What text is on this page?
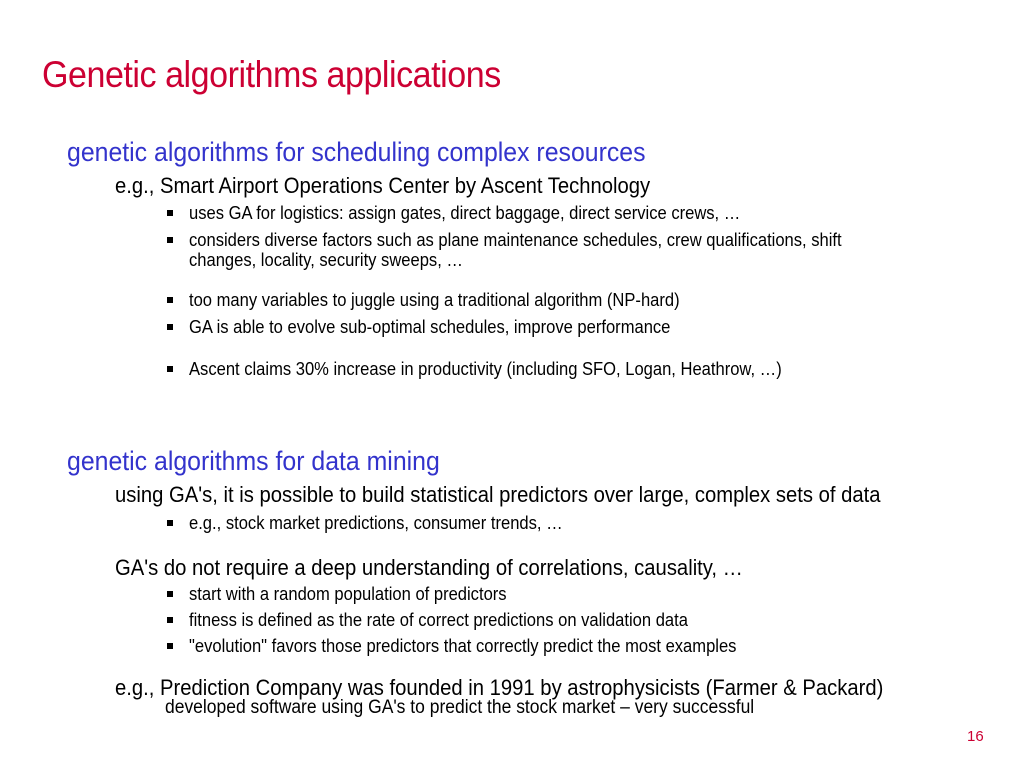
Genetic algorithms applications
genetic algorithms for scheduling complex resources
e.g., Smart Airport Operations Center by Ascent Technology
uses GA for logistics: assign gates, direct baggage, direct service crews, …
considers diverse factors such as plane maintenance schedules, crew qualifications, shift
changes, locality, security sweeps, …
too many variables to juggle using a traditional algorithm (NP-hard)
GA is able to evolve sub-optimal schedules, improve performance
Ascent claims 30% increase in productivity (including SFO, Logan, Heathrow, …)
genetic algorithms for data mining
using GA's, it is possible to build statistical predictors over large, complex sets of data
e.g., stock market predictions, consumer trends, …
GA's do not require a deep understanding of correlations, causality, …
start with a random population of predictors
fitness is defined as the rate of correct predictions on validation data
"evolution" favors those predictors that correctly predict the most examples
e.g., Prediction Company was founded in 1991 by astrophysicists (Farmer & Packard)
developed software using GA's to predict the stock market – very successful
16
